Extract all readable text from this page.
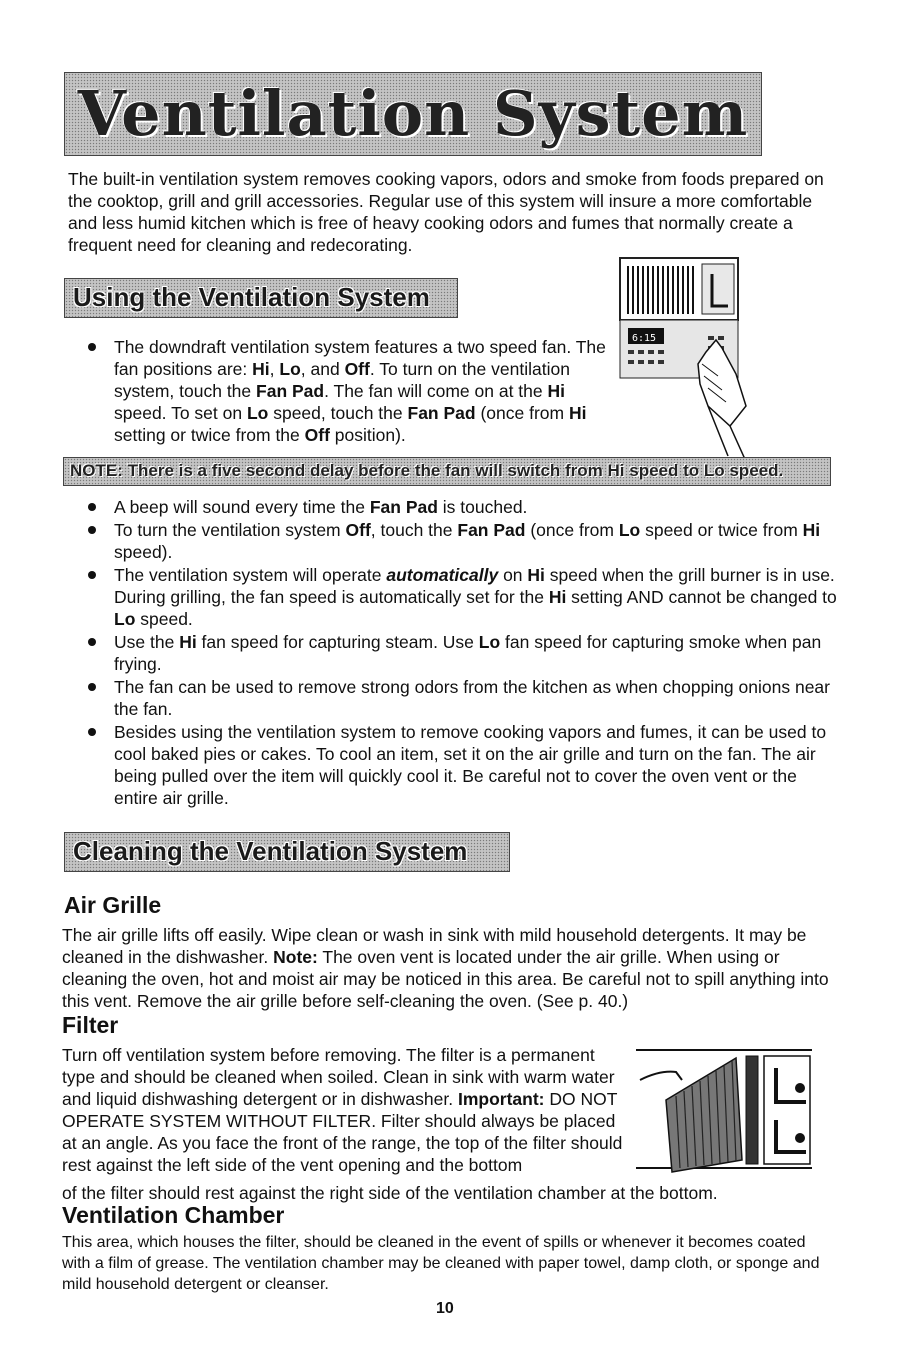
Ventilation System
The built-in ventilation system removes cooking vapors, odors and smoke from foods prepared on the cooktop, grill and grill accessories. Regular use of this system will insure a more comfortable and less humid kitchen which is free of heavy cooking odors and fumes that normally create a frequent need for cleaning and redecorating.
Using the Ventilation System
6:15
The downdraft ventilation system features a two speed fan. The fan positions are: Hi, Lo, and Off. To turn on the ventilation system, touch the Fan Pad. The fan will come on at the Hi speed. To set on Lo speed, touch the Fan Pad (once from Hi setting or twice from the Off position).
NOTE: There is a five second delay before the fan will switch from Hi speed to Lo speed.
A beep will sound every time the Fan Pad is touched.
To turn the ventilation system Off, touch the Fan Pad (once from Lo speed or twice from Hi speed).
The ventilation system will operate automatically on Hi speed when the grill burner is in use. During grilling, the fan speed is automatically set for the Hi setting AND cannot be changed to Lo speed.
Use the Hi fan speed for capturing steam. Use Lo fan speed for capturing smoke when pan frying.
The fan can be used to remove strong odors from the kitchen as when chopping onions near the fan.
Besides using the ventilation system to remove cooking vapors and fumes, it can be used to cool baked pies or cakes. To cool an item, set it on the air grille and turn on the fan. The air being pulled over the item will quickly cool it. Be careful not to cover the oven vent or the entire air grille.
Cleaning the Ventilation System
Air Grille
The air grille lifts off easily. Wipe clean or wash in sink with mild household detergents. It may be cleaned in the dishwasher. Note: The oven vent is located under the air grille. When using or cleaning the oven, hot and moist air may be noticed in this area. Be careful not to spill anything into this vent. Remove the air grille before self-cleaning the oven. (See p. 40.)
Filter
Turn off ventilation system before removing. The filter is a permanent type and should be cleaned when soiled. Clean in sink with warm water and liquid dishwashing detergent or in dishwasher. Important: DO NOT OPERATE SYSTEM WITHOUT FILTER. Filter should always be placed at an angle. As you face the front of the range, the top of the filter should rest against the left side of the vent opening and the bottom
of the filter should rest against the right side of the ventilation chamber at the bottom.
Ventilation Chamber
This area, which houses the filter, should be cleaned in the event of spills or whenever it becomes coated with a film of grease. The ventilation chamber may be cleaned with paper towel, damp cloth, or sponge and mild household detergent or cleanser.
10
